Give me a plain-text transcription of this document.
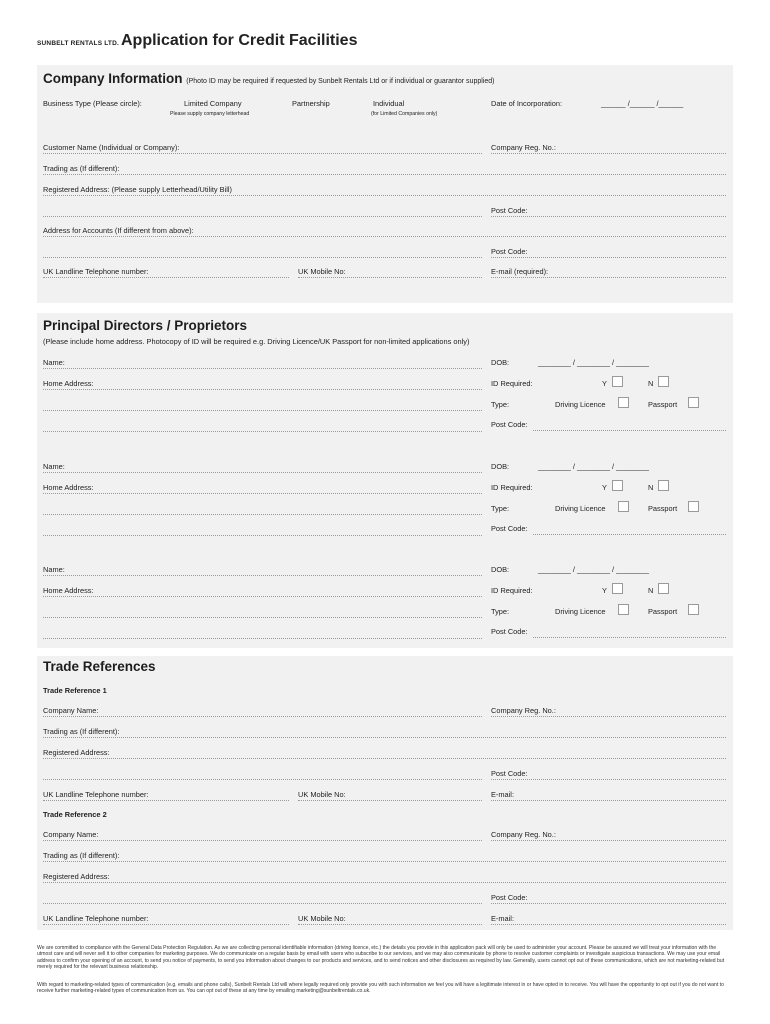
SUNBELT RENTALS LTD. Application for Credit Facilities
Company Information (Photo ID may be required if requested by Sunbelt Rentals Ltd or if individual or guarantor supplied)
Business Type (Please circle):	Limited Company
Please supply company letterhead
Partnership	Individual
(for Limited Companies only)
Date of Incorporation:	______ /______ /______
Customer Name (Individual or Company):	Company Reg. No.:
Trading as (If different):
Registered Address: (Please supply Letterhead/Utility Bill)
Post Code:
Address for Accounts (If different from above):
Post Code:
UK Landline Telephone number:	UK Mobile No:	E-mail (required):
Principal Directors / Proprietors
(Please include home address. Photocopy of ID will be required e.g. Driving Licence/UK Passport for non-limited applications only)
Name:	DOB:	________ / ________ / ________
Home Address:	ID Required:	Y	N
Type:	Driving Licence	Passport
Post Code:
Name:	DOB:	________ / ________ / ________
Home Address:	ID Required:	Y	N
Type:	Driving Licence	Passport
Post Code:
Name:	DOB:	________ / ________ / ________
Home Address:	ID Required:	Y	N
Type:	Driving Licence	Passport
Post Code:
Trade References
Trade Reference 1
Company Name:	Company Reg. No.:
Trading as (If different):
Registered Address:
Post Code:
UK Landline Telephone number:	UK Mobile No:	E-mail:
Trade Reference 2
Company Name:	Company Reg. No.:
Trading as (If different):
Registered Address:
Post Code:
UK Landline Telephone number:	UK Mobile No:	E-mail:
We are committed to compliance with the General Data Protection Regulation. As we are collecting personal identifiable information (driving licence, etc.) the details you provide in this application pack will only be used to administer your account. Please be assured we will treat your information with the utmost care and will never sell it to other companies for marketing purposes. We do communicate on a regular basis by email with users who subscribe to our services, and we may also communicate by phone to resolve customer complaints or investigate suspicious transactions. We may use your email address to confirm your opening of an account, to send you notice of payments, to send you information about changes to our products and services, and to send notices and other disclosures as required by law. Generally, users cannot opt out of these communications, which are not marketing-related but merely required for the relevant business relationship.
With regard to marketing-related types of communication (e.g. emails and phone calls), Sunbelt Rentals Ltd will where legally required only provide you with such information we feel you will have a legitimate interest in or have opted in to receive. You will have the opportunity to opt out if you do not want to receive further marketing-related types of communication from us. You can opt out of these at any time by emailing marketing@sunbeltrentals.co.uk.
